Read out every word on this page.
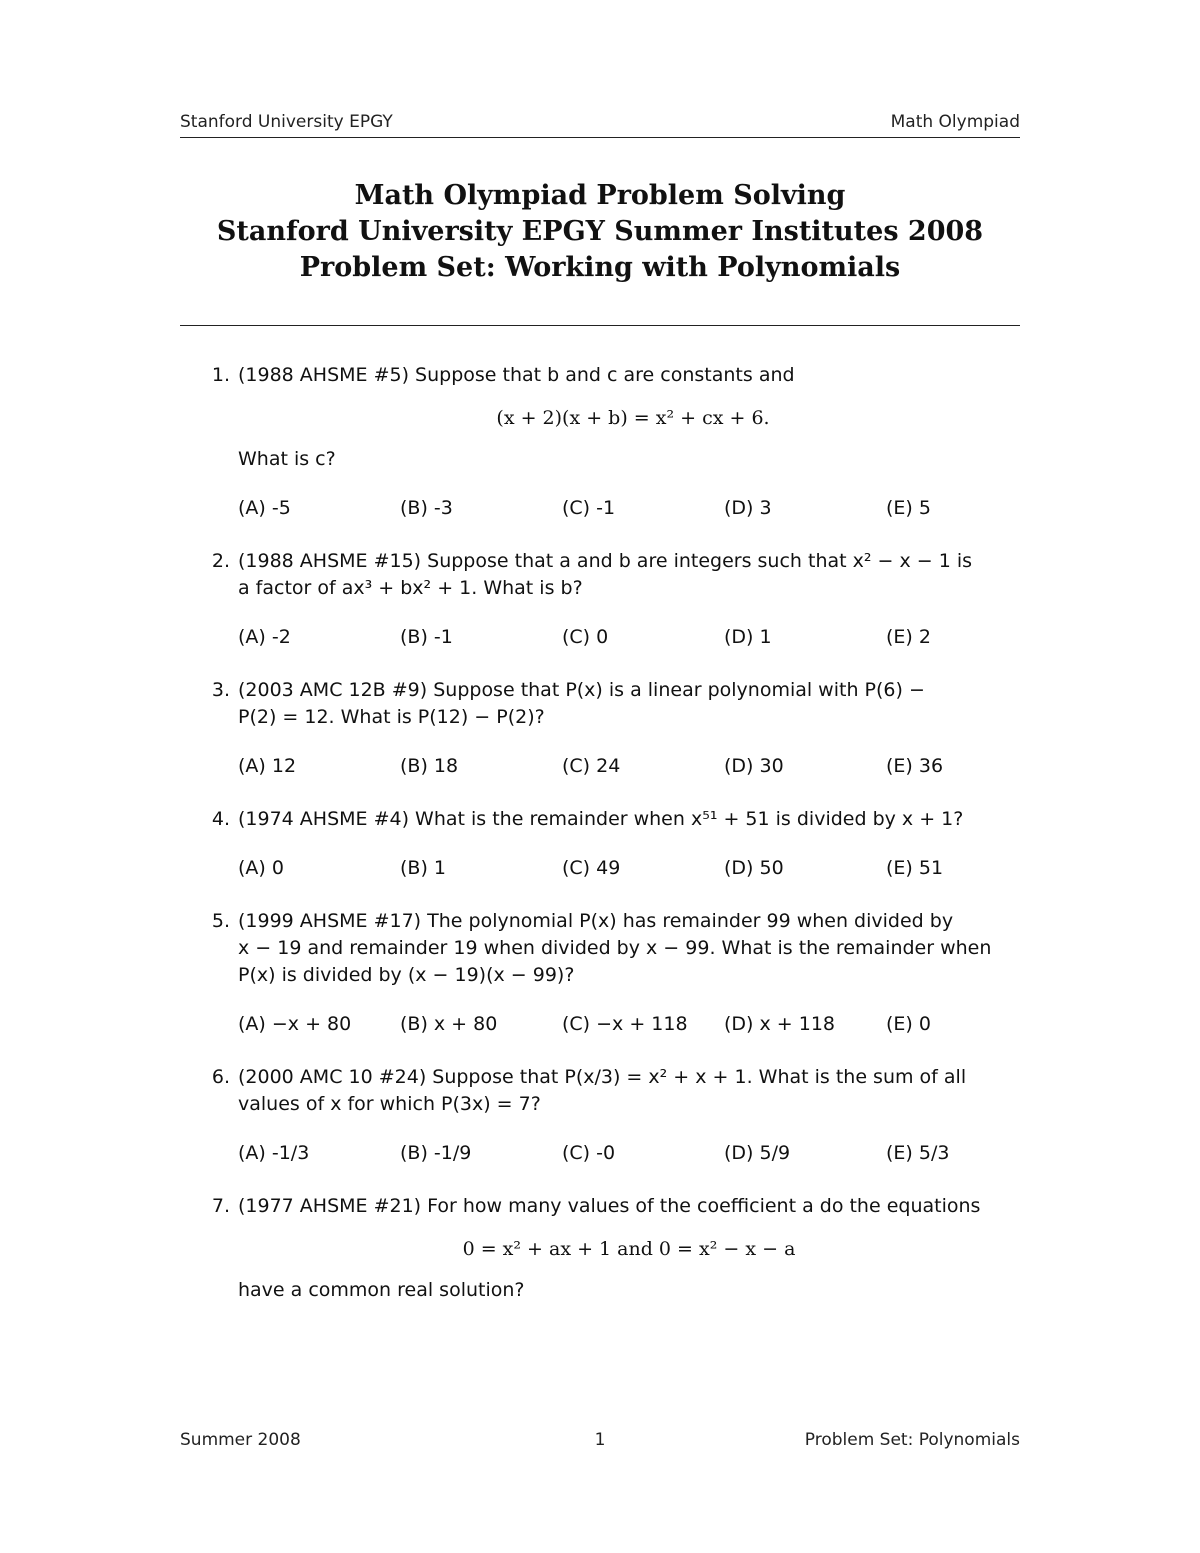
Stanford University EPGY	Math Olympiad
Math Olympiad Problem Solving
Stanford University EPGY Summer Institutes 2008
Problem Set: Working with Polynomials
1. (1988 AHSME #5) Suppose that b and c are constants and

(x + 2)(x + b) = x² + cx + 6.

What is c?

(A) -5	(B) -3	(C) -1	(D) 3	(E) 5
2. (1988 AHSME #15) Suppose that a and b are integers such that x² − x − 1 is

a factor of ax³ + bx² + 1. What is b?

(A) -2	(B) -1	(C) 0	(D) 1	(E) 2
3. (2003 AMC 12B #9) Suppose that P(x) is a linear polynomial with P(6) −

P(2) = 12. What is P(12) − P(2)?

(A) 12	(B) 18	(C) 24	(D) 30	(E) 36
4. (1974 AHSME #4) What is the remainder when x⁵¹ + 51 is divided by x + 1?

(A) 0	(B) 1	(C) 49	(D) 50	(E) 51
5. (1999 AHSME #17) The polynomial P(x) has remainder 99 when divided by

x − 19 and remainder 19 when divided by x − 99. What is the remainder when

P(x) is divided by (x − 19)(x − 99)?

(A) −x + 80	(B) x + 80	(C) −x + 118	(D) x + 118	(E) 0
6. (2000 AMC 10 #24) Suppose that P(x/3) = x² + x + 1. What is the sum of all

values of x for which P(3x) = 7?

(A) -1/3	(B) -1/9	(C) -0	(D) 5/9	(E) 5/3
7. (1977 AHSME #21) For how many values of the coefficient a do the equations

0 = x² + ax + 1 and 0 = x² − x − a

have a common real solution?

Summer 2008	1	Problem Set: Polynomials
